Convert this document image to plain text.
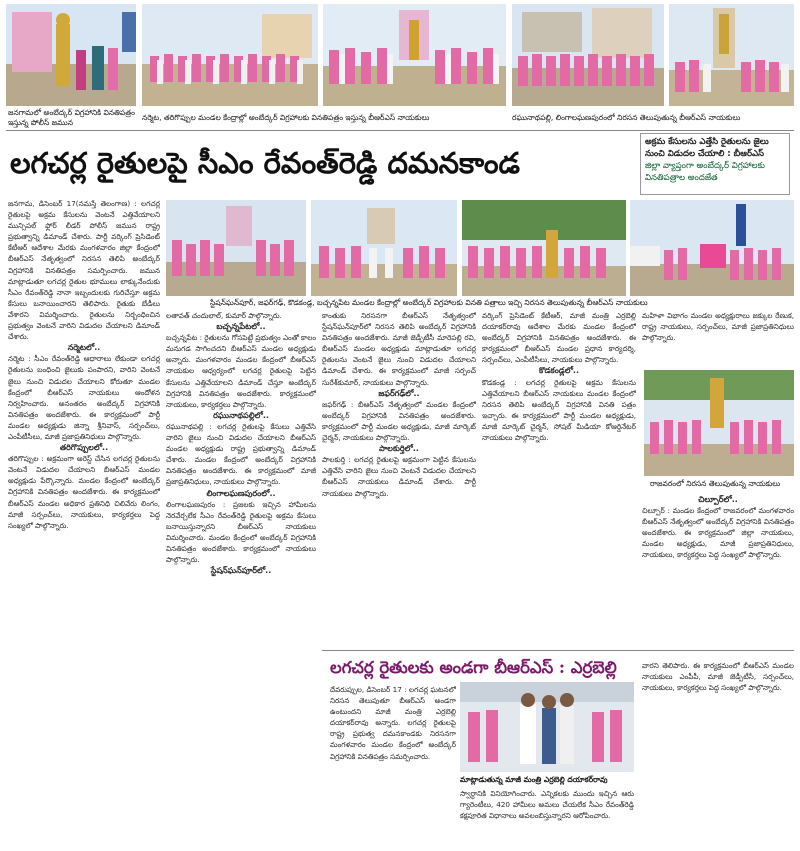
జనగామలో అంబేద్కర్ విగ్రహానికి వినతిపత్రం ఇస్తున్న పోలీస్ జమున
నర్మెట, తరిగొప్పుల మండల కేంద్రాల్లో అంబేద్కర్ విగ్రహాలకు వినతిపత్రం ఇస్తున్న బీఆర్ఎస్ నాయకులు	రఘునాథపల్లి, లింగాలఘణపురంలో నిరసన తెలుపుతున్న బీఆర్ఎస్ నాయకులు
లగచర్ల రైతులపై సీఎం రేవంత్‌రెడ్డి దమనకాండ
అక్రమ కేసులను ఎత్తేసి రైతులను జైలు నుంచి విడుదల చేయాలి : బీఆర్ఎస్
జిల్లా వ్యాప్తంగా అంబేద్కర్ విగ్రహాలకు వినతిపత్రాల అందజేత
స్టేషన్‌ఘన్‌పూర్, జఫర్‌గఢ్, కొడకండ్ల, బచ్చన్నపేట మండల కేంద్రాల్లో అంబేద్కర్ విగ్రహాలకు వినతి పత్రాలు ఇచ్చి నిరసన తెలుపుతున్న బీఆర్ఎస్ నాయకులు
జనగామ, డిసెంబర్ 17(నమస్తే తెలంగాణ) : లగచర్ల రైతులపై అక్రమ కేసులను వెంటనే ఎత్తివేయాలని మున్సిపల్ ఫ్లోర్ లీడర్ పోలీస్ జమున రాష్ట్ర ప్రభుత్వాన్ని డిమాండ్ చేశారు. పార్టీ వర్కింగ్ ప్రెసిడెంట్ కేటీఆర్ ఆదేశాల మేరకు మంగళవారం జిల్లా కేంద్రంలో బీఆర్ఎస్ నేతృత్వంలో నిరసన తెలిపి అంబేద్కర్ విగ్రహానికి వినతిపత్రం సమర్పించారు. జమున మాట్లాడుతూ లగచర్ల రైతుల భూములు లాక్కునేందుకు సీఎం రేవంత్‌రెడ్డి నానా ఇబ్బందులకు గురిచేస్తూ అక్రమ కేసులు బనాయించారని తెలిపారు. రైతుకు బేడీలు వేశారని విమర్శించారు. రైతులను నిర్బంధించిన ప్రభుత్వం వెంటనే వారిని విడుదల చేయాలని డిమాండ్ చేశారు.
నర్మెటలో..
నర్మెట : సీఎం రేవంత్‌రెడ్డి ఆధారాలు లేకుండా లగచర్ల రైతులను బంధించి జైలుకు పంపారని, వారిని వెంటనే జైలు నుంచి విడుదల చేయాలని కోరుతూ మండల కేంద్రంలో బీఆర్ఎస్ నాయకులు ఆందోళన నిర్వహించారు. అనంతరం అంబేద్కర్ విగ్రహానికి వినతిపత్రం అందజేశారు. ఈ కార్యక్రమంలో పార్టీ మండల అధ్యక్షుడు జిన్నా శ్రీనివాస్, సర్పంచ్‌లు, ఎంపీటీసీలు, మాజీ ప్రజాప్రతినిధులు పాల్గొన్నారు.
తరిగొప్పులలో..
తరిగొప్పుల : అక్రమంగా అరెస్ట్ చేసిన లగచర్ల రైతులను వెంటనే విడుదల చేయాలని బీఆర్ఎస్ మండల అధ్యక్షుడు పేర్కొన్నారు. మండల కేంద్రంలో అంబేద్కర్ విగ్రహానికి వినతిపత్రం అందజేశారు. ఈ కార్యక్రమంలో బీఆర్ఎస్ మండల అధికార ప్రతినిధి చిలివేరు లింగం, మాజీ సర్పంచ్‌లు, నాయకులు, కార్యకర్తలు పెద్ద సంఖ్యలో పాల్గొన్నారు.
లతావత్ చందులాల్, కుమార్ పాల్గొన్నారు.
బచ్చన్నపేటలో..
బచ్చన్నపేట : రైతులను గోసపెట్టే ప్రభుత్వం ఎంతో కాలం మనుగడ సాగించదని బీఆర్ఎస్ మండల అధ్యక్షుడు అన్నారు. మంగళవారం మండల కేంద్రంలో బీఆర్ఎస్ నాయకుల ఆధ్వర్యంలో లగచర్ల రైతులపై పెట్టిన కేసులను ఎత్తివేయాలని డిమాండ్ చేస్తూ అంబేద్కర్ విగ్రహానికి వినతిపత్రం అందజేశారు. కార్యక్రమంలో నాయకులు, కార్యకర్తలు పాల్గొన్నారు.
రఘునాథపల్లిలో..
రఘునాథపల్లి : లగచర్ల రైతులపై కేసులు ఎత్తివేసి వారిని జైలు నుంచి విడుదల చేయాలని బీఆర్ఎస్ మండల అధ్యక్షుడు రాష్ట్ర ప్రభుత్వాన్ని డిమాండ్ చేశారు. మండల కేంద్రంలో అంబేద్కర్ విగ్రహానికి వినతిపత్రం అందజేశారు. ఈ కార్యక్రమంలో మాజీ ప్రజాప్రతినిధులు, నాయకులు పాల్గొన్నారు.
లింగాలఘణపురంలో..
లింగాలఘణపురం : ప్రజలకు ఇచ్చిన హామీలను నెరవేర్చలేక సీఎం రేవంత్‌రెడ్డి రైతులపై అక్రమ కేసులు బనాయిస్తున్నారని బీఆర్ఎస్ నాయకులు విమర్శించారు. మండల కేంద్రంలో అంబేద్కర్ విగ్రహానికి వినతిపత్రం అందజేశారు. కార్యక్రమంలో నాయకులు పాల్గొన్నారు.
స్టేషన్‌ఘన్‌పూర్‌లో..
కాంతుకు నిరసనగా బీఆర్ఎస్ నేతృత్వంలో స్టేషన్‌ఘన్‌పూర్‌లో నిరసన తెలిపి అంబేద్కర్ విగ్రహానికి వినతిపత్రం అందజేశారు. మాజీ జెడ్పీటీసీ మారెపల్లి రవి, బీఆర్ఎస్ మండల అధ్యక్షుడు మాట్లాడుతూ లగచర్ల రైతులను వెంటనే జైలు నుంచి విడుదల చేయాలని డిమాండ్ చేశారు. ఈ కార్యక్రమంలో మాజీ సర్పంచ్ సురేశ్‌కుమార్, నాయకులు పాల్గొన్నారు.
జఫర్‌గఢ్‌లో..
జఫర్‌గఢ్ : బీఆర్ఎస్ నేతృత్వంలో మండల కేంద్రంలో అంబేద్కర్ విగ్రహానికి వినతిపత్రం అందజేశారు. కార్యక్రమంలో పార్టీ మండల అధ్యక్షుడు, మాజీ మార్కెట్ చైర్మన్, నాయకులు పాల్గొన్నారు.
పాలకుర్తిలో..
పాలకుర్తి : లగచర్ల రైతులపై అక్రమంగా పెట్టిన కేసులను ఎత్తివేసి వారిని జైలు నుంచి వెంటనే విడుదల చేయాలని బీఆర్ఎస్ నాయకులు డిమాండ్ చేశారు. పార్టీ నాయకులు పాల్గొన్నారు.
వర్కింగ్ ప్రెసిడెంట్ కేటీఆర్, మాజీ మంత్రి ఎర్రబెల్లి దయాకర్‌రావు ఆదేశాల మేరకు మండల కేంద్రంలో అంబేద్కర్ విగ్రహానికి వినతిపత్రం అందజేశారు. ఈ కార్యక్రమంలో బీఆర్ఎస్ మండల ప్రధాన కార్యదర్శి, సర్పంచ్‌లు, ఎంపీటీసీలు, నాయకులు పాల్గొన్నారు.
కొడకండ్లలో..
కొడకండ్ల : లగచర్ల రైతులపై అక్రమ కేసులను ఎత్తివేయాలని బీఆర్ఎస్ నాయకులు మండల కేంద్రంలో నిరసన తెలిపి అంబేద్కర్ విగ్రహానికి వినతి పత్రం ఇచ్చారు. ఈ కార్యక్రమంలో పార్టీ మండల అధ్యక్షుడు, మాజీ మార్కెట్ చైర్మన్, సోషల్ మీడియా కోఆర్డినేటర్ నాయకులు పాల్గొన్నారు.
మహిళా విభాగం మండల అధ్యక్షురాలు జక్కుల రేణుక, రాష్ట్ర నాయకులు, సర్పంచ్‌లు, మాజీ ప్రజాప్రతినిధులు పాల్గొన్నారు.
రాజవరంలో నిరసన తెలుపుతున్న నాయకులు
చిల్పూర్‌లో..
చిల్పూర్ : మండల కేంద్రంలో రాజవరంలో మంగళవారం బీఆర్ఎస్ నేతృత్వంలో అంబేద్కర్ విగ్రహానికి వినతిపత్రం అందజేశారు. ఈ కార్యక్రమంలో జిల్లా నాయకులు, మండల అధ్యక్షుడు, మాజీ ప్రజాప్రతినిధులు, నాయకులు, కార్యకర్తలు పెద్ద సంఖ్యలో పాల్గొన్నారు.
లగచర్ల రైతులకు అండగా బీఆర్ఎస్ : ఎర్రబెల్లి
దేవరుప్పుల, డిసెంబర్ 17 : లగచర్ల ఘటనలో నిరసన తెలుపుతూ బీఆర్ఎస్ అండగా ఉంటుందని మాజీ మంత్రి ఎర్రబెల్లి దయాకర్‌రావు అన్నారు. లగచర్ల రైతులపై రాష్ట్ర ప్రభుత్వ దమనకాండకు నిరసనగా మంగళవారం మండల కేంద్రంలో అంబేద్కర్ విగ్రహానికి వినతిపత్రం సమర్పించారు.
మాట్లాడుతున్న మాజీ మంత్రి ఎర్రబెల్లి దయాకర్‌రావు
స్వార్థానికి వినియోగించారు. ఎన్నికలకు ముందు ఇచ్చిన ఆరు గ్యారెంటీలు, 420 హామీలు అమలు చేయలేక సీఎం రేవంత్‌రెడ్డి కక్షపూరిత విధానాలు అవలంబిస్తున్నారని ఆరోపించారు.
వారని తెలిపారు. ఈ కార్యక్రమంలో బీఆర్ఎస్ మండల నాయకులు ఎంపీపీ, మాజీ జెడ్పీటీసీ, సర్పంచ్‌లు, నాయకులు, కార్యకర్తలు పెద్ద సంఖ్యలో పాల్గొన్నారు.
